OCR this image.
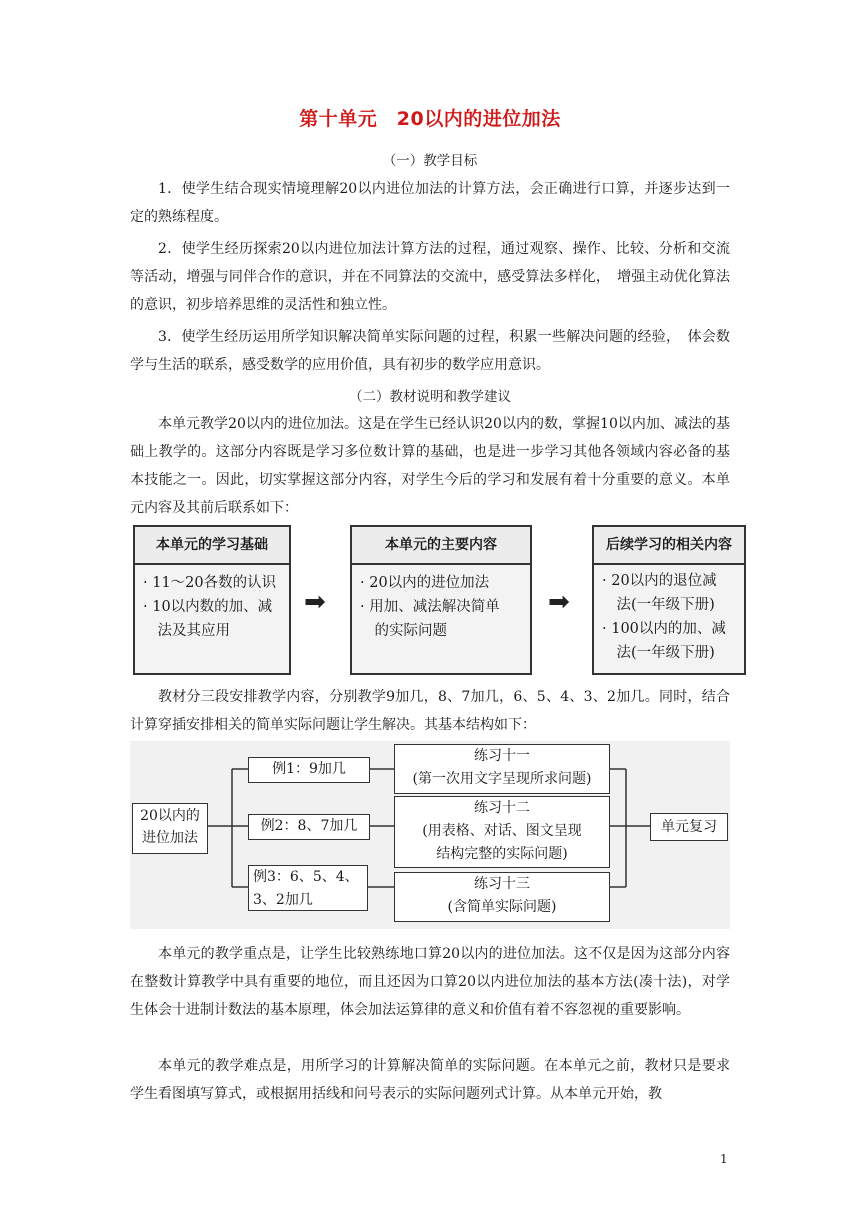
第十单元　20以内的进位加法
（一）教学目标
1．使学生结合现实情境理解20以内进位加法的计算方法，会正确进行口算，并逐步达到一定的熟练程度。
2．使学生经历探索20以内进位加法计算方法的过程，通过观察、操作、比较、分析和交流等活动，增强与同伴合作的意识，并在不同算法的交流中，感受算法多样化，　增强主动优化算法的意识，初步培养思维的灵活性和独立性。
3．使学生经历运用所学知识解决简单实际问题的过程，积累一些解决问题的经验，　体会数学与生活的联系，感受数学的应用价值，具有初步的数学应用意识。
（二）教材说明和教学建议
本单元教学20以内的进位加法。这是在学生已经认识20以内的数，掌握10以内加、减法的基础上教学的。这部分内容既是学习多位数计算的基础，也是进一步学习其他各领域内容必备的基本技能之一。因此，切实掌握这部分内容，对学生今后的学习和发展有着十分重要的意义。本单元内容及其前后联系如下：
本单元的学习基础
· 11～20各数的认识
· 10以内数的加、减
　法及其应用
➡
本单元的主要内容
· 20以内的进位加法
· 用加、减法解决简单
　的实际问题
➡
后续学习的相关内容
· 20以内的退位减
　法(一年级下册)
· 100以内的加、减
　法(一年级下册)
教材分三段安排教学内容，分别教学9加几，8、7加几，6、5、4、3、2加几。同时，结合计算穿插安排相关的简单实际问题让学生解决。其基本结构如下：
20以内的
进位加法
例1：9加几
例2：8、7加几
例3：6、5、4、
3、2加几
练习十一
(第一次用文字呈现所求问题)
练习十二
(用表格、对话、图文呈现
结构完整的实际问题)
练习十三
(含简单实际问题)
单元复习
本单元的教学重点是，让学生比较熟练地口算20以内的进位加法。这不仅是因为这部分内容在整数计算教学中具有重要的地位，而且还因为口算20以内进位加法的基本方法(凑十法)，对学生体会十进制计数法的基本原理，体会加法运算律的意义和价值有着不容忽视的重要影响。
本单元的教学难点是，用所学习的计算解决简单的实际问题。在本单元之前，教材只是要求学生看图填写算式，或根据用括线和问号表示的实际问题列式计算。从本单元开始，教
1
